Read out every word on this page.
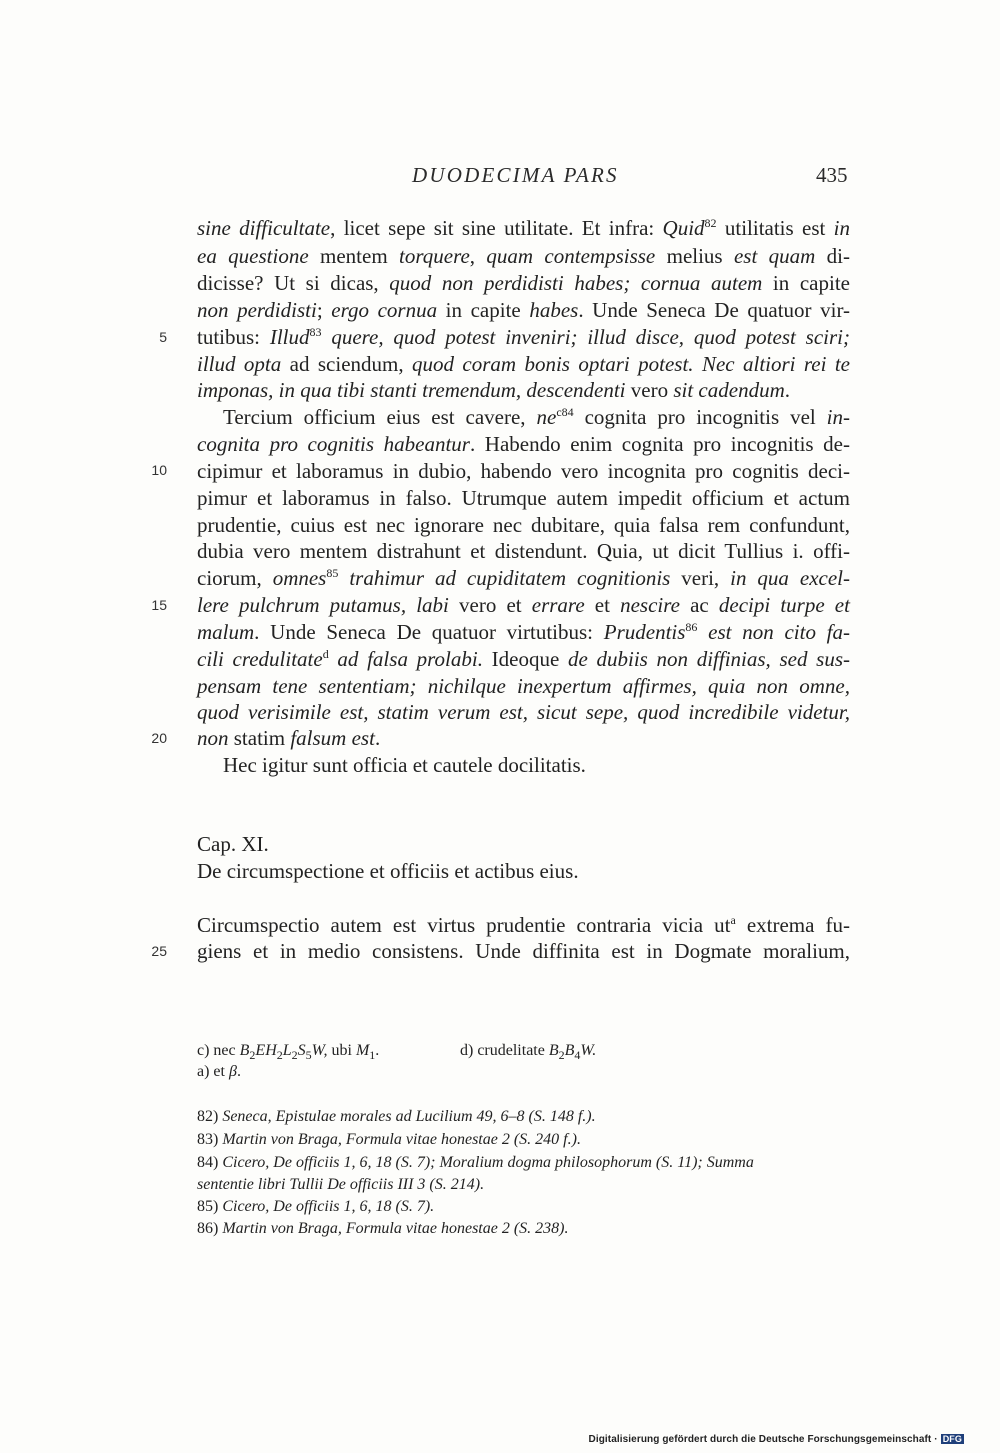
DUODECIMA PARS	435
sine difficultate, licet sepe sit sine utilitate. Et infra: Quid$^{82}$ utilitatis est in
ea questione mentem torquere, quam contempsisse melius est quam di-
dicisse? Ut si dicas, quod non perdidisti habes; cornua autem in capite
non perdidisti; ergo cornua in capite habes. Unde Seneca De quatuor vir-
tutibus: Illud$^{83}$ quere, quod potest inveniri; illud disce, quod potest sciri;
illud opta ad sciendum, quod coram bonis optari potest. Nec altiori rei te
imponas, in qua tibi stanti tremendum, descendenti vero sit cadendum.
Tercium officium eius est cavere, $ne^{c84}$ cognita pro incognitis vel in-
cognita pro cognitis habeantur. Habendo enim cognita pro incognitis de-
cipimur et laboramus in dubio, habendo vero incognita pro cognitis deci-
pimur et laboramus in falso. Utrumque autem impedit officium et actum
prudentie, cuius est nec ignorare nec dubitare, quia falsa rem confundunt,
dubia vero mentem distrahunt et distendunt. Quia, ut dicit Tullius i. offi-
ciorum, omnes$^{85}$ trahimur ad cupiditatem cognitionis veri, in qua excel-
lere pulchrum putamus, labi vero et errare et nescire ac decipi turpe et
malum. Unde Seneca De quatuor virtutibus: Prudentis$^{86}$ est non cito fa-
cili credulitate$^d$ ad falsa prolabi. Ideoque de dubiis non diffinias, sed sus-
pensam tene sententiam; nichilque inexpertum affirmes, quia non omne,
quod verisimile est, statim verum est, sicut sepe, quod incredibile videtur,
non statim falsum est.
Hec igitur sunt officia et cautele docilitatis.
Cap. XI.
De circumspectione et officiis et actibus eius.
Circumspectio autem est virtus prudentie contraria vicia $ut^a$ extrema fu-
giens et in medio consistens. Unde diffinita est in Dogmate moralium,
5
10
15
20
25
c) nec $B_2EH_2L_2S_5W$, ubi $M_1$.	d) crudelitate $B_2B_4W$.
a) et β.
82) Seneca, Epistulae morales ad Lucilium 49, 6–8 (S. 148 f.).
83) Martin von Braga, Formula vitae honestae 2 (S. 240 f.).
84) Cicero, De officiis 1, 6, 18 (S. 7); Moralium dogma philosophorum (S. 11); Summa
sententie libri Tullii De officiis III 3 (S. 214).
85) Cicero, De officiis 1, 6, 18 (S. 7).
86) Martin von Braga, Formula vitae honestae 2 (S. 238).
Digitalisierung gefördert durch die Deutsche Forschungsgemeinschaft · DFG
